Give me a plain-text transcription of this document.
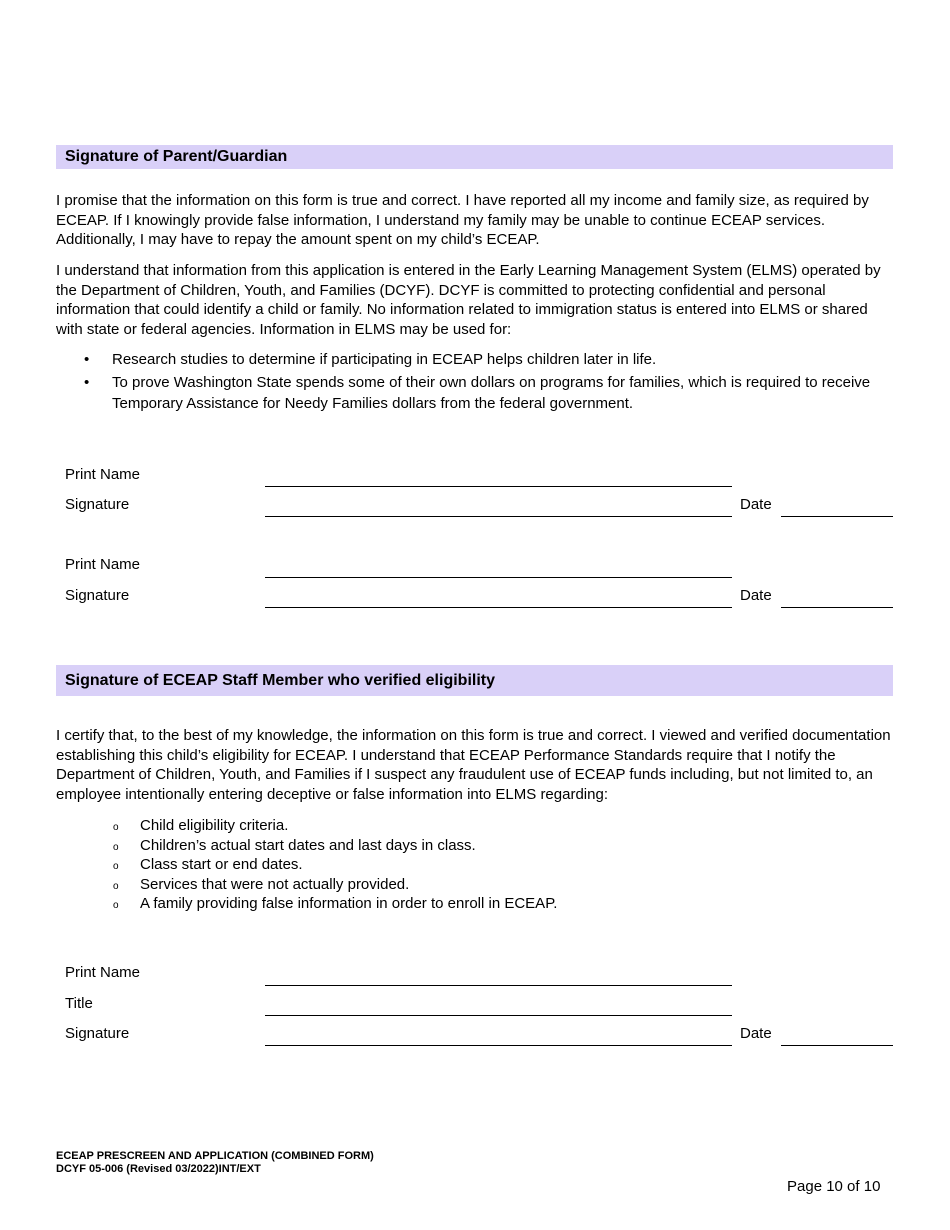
Signature of Parent/Guardian

I promise that the information on this form is true and correct. I have reported all my income and family size, as required by ECEAP. If I knowingly provide false information, I understand my family may be unable to continue ECEAP services. Additionally, I may have to repay the amount spent on my child’s ECEAP.

I understand that information from this application is entered in the Early Learning Management System (ELMS) operated by the Department of Children, Youth, and Families (DCYF). DCYF is committed to protecting confidential and personal information that could identify a child or family. No information related to immigration status is entered into ELMS or shared with state or federal agencies. Information in ELMS may be used for:

• Research studies to determine if participating in ECEAP helps children later in life.
• To prove Washington State spends some of their own dollars on programs for families, which is required to receive Temporary Assistance for Needy Families dollars from the federal government.
Print Name
Signature	Date
Print Name
Signature	Date
Signature of ECEAP Staff Member who verified eligibility

I certify that, to the best of my knowledge, the information on this form is true and correct. I viewed and verified documentation establishing this child’s eligibility for ECEAP. I understand that ECEAP Performance Standards require that I notify the Department of Children, Youth, and Families if I suspect any fraudulent use of ECEAP funds including, but not limited to, an employee intentionally entering deceptive or false information into ELMS regarding:

o Child eligibility criteria.
o Children’s actual start dates and last days in class.
o Class start or end dates.
o Services that were not actually provided.
o A family providing false information in order to enroll in ECEAP.
Print Name
Title
Signature	Date
ECEAP PRESCREEN AND APPLICATION (COMBINED FORM)
DCYF 05-006 (Revised 03/2022)INT/EXT
Page 10 of 10
